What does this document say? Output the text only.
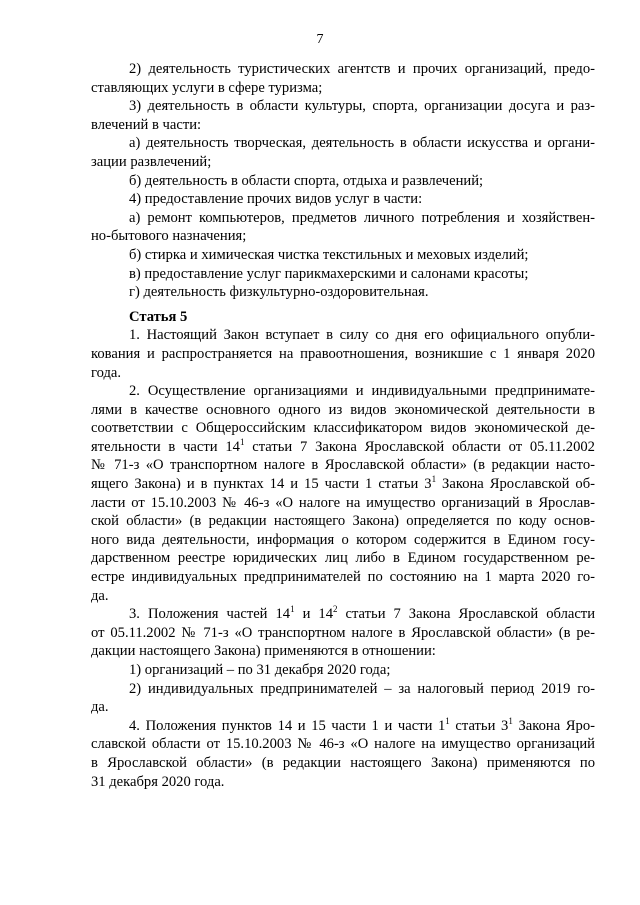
7
2) деятельность туристических агентств и прочих организаций, предо-
ставляющих услуги в сфере туризма;
3) деятельность в области культуры, спорта, организации досуга и раз-
влечений в части:
а) деятельность творческая, деятельность в области искусства и органи-
зации развлечений;
б) деятельность в области спорта, отдыха и развлечений;
4) предоставление прочих видов услуг в части:
а) ремонт компьютеров, предметов личного потребления и хозяйствен-
но-бытового назначения;
б) стирка и химическая чистка текстильных и меховых изделий;
в) предоставление услуг парикмахерскими и салонами красоты;
г) деятельность физкультурно-оздоровительная.
Статья 5
1. Настоящий Закон вступает в силу со дня его официального опубли-
кования и распространяется на правоотношения, возникшие с 1 января 2020
года.
2. Осуществление организациями и индивидуальными предпринимате-
лями в качестве основного одного из видов экономической деятельности в
соответствии с Общероссийским классификатором видов экономической де-
ятельности в части $14^1$ статьи 7 Закона Ярославской области от 05.11.2002
№ 71-з «О транспортном налоге в Ярославской области» (в редакции насто-
ящего Закона) и в пунктах 14 и 15 части 1 статьи $3^1$ Закона Ярославской об-
ласти от 15.10.2003 № 46-з «О налоге на имущество организаций в Ярослав-
ской области» (в редакции настоящего Закона) определяется по коду основ-
ного вида деятельности, информация о котором содержится в Едином госу-
дарственном реестре юридических лиц либо в Едином государственном ре-
естре индивидуальных предпринимателей по состоянию на 1 марта 2020 го-
да.
3. Положения частей $14^1$ и $14^2$ статьи 7 Закона Ярославской области
от 05.11.2002 № 71-з «О транспортном налоге в Ярославской области» (в ре-
дакции настоящего Закона) применяются в отношении:
1) организаций – по 31 декабря 2020 года;
2) индивидуальных предпринимателей – за налоговый период 2019 го-
да.
4. Положения пунктов 14 и 15 части 1 и части $1^1$ статьи $3^1$ Закона Яро-
славской области от 15.10.2003 № 46-з «О налоге на имущество организаций
в Ярославской области» (в редакции настоящего Закона) применяются по
31 декабря 2020 года.
